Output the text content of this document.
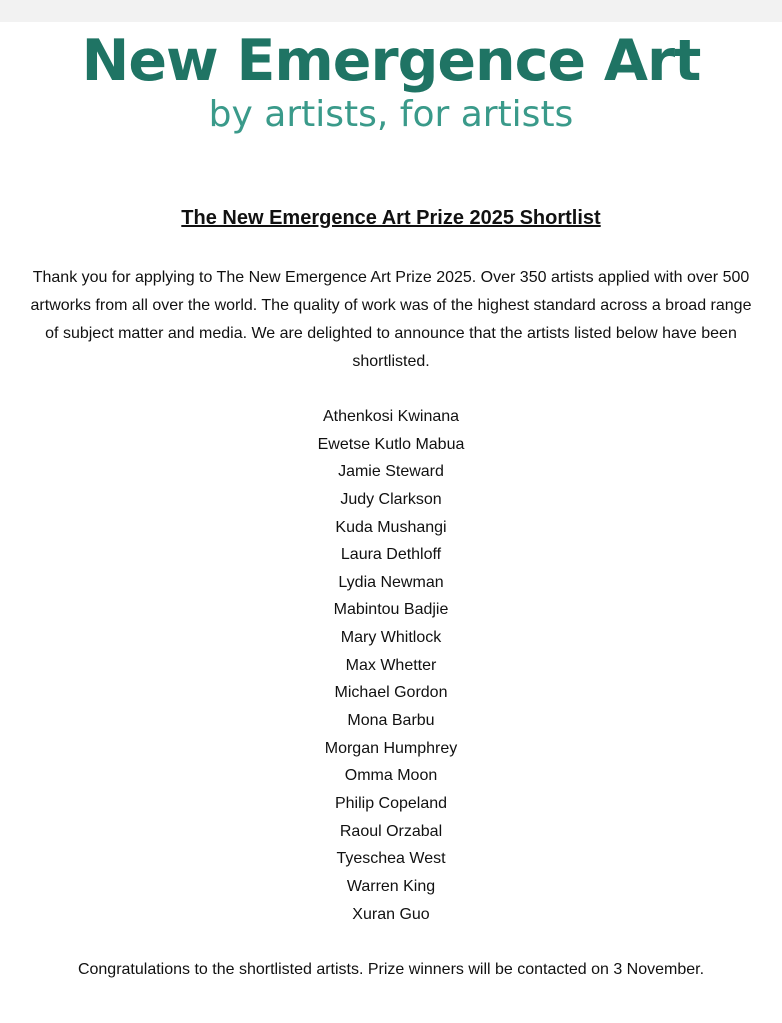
New Emergence Art
by artists, for artists
The New Emergence Art Prize 2025 Shortlist

Thank you for applying to The New Emergence Art Prize 2025. Over 350 artists applied with over 500 artworks from all over the world. The quality of work was of the highest standard across a broad range of subject matter and media. We are delighted to announce that the artists listed below have been shortlisted.

Athenkosi Kwinana
Ewetse Kutlo Mabua
Jamie Steward
Judy Clarkson
Kuda Mushangi
Laura Dethloff
Lydia Newman
Mabintou Badjie
Mary Whitlock
Max Whetter
Michael Gordon
Mona Barbu
Morgan Humphrey
Omma Moon
Philip Copeland
Raoul Orzabal
Tyeschea West
Warren King
Xuran Guo

Congratulations to the shortlisted artists. Prize winners will be contacted on 3 November.
